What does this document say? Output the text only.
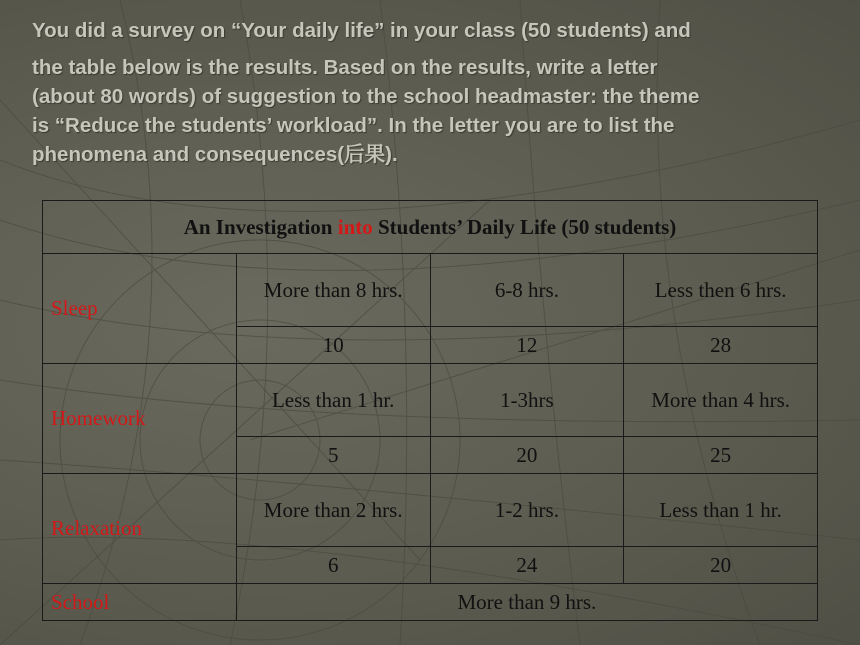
You did a survey on “Your daily life” in your class (50 students) and

the table below is the results. Based on the results, write a letter

(about 80 words) of suggestion to the school headmaster: the theme

is “Reduce the students’ workload”. In the letter you are to list the

phenomena and consequences(后果).

An Investigation into Students’ Daily Life (50 students)			
Sleep	More than 8 hrs.	6-8 hrs.	Less then 6 hrs.
	10	12	28
Homework	Less than 1 hr.	1-3hrs	More than 4 hrs.
	5	20	25
Relaxation	More than 2 hrs.	1-2 hrs.	Less than 1 hr.
	6	24	20
School	More than 9 hrs.		
